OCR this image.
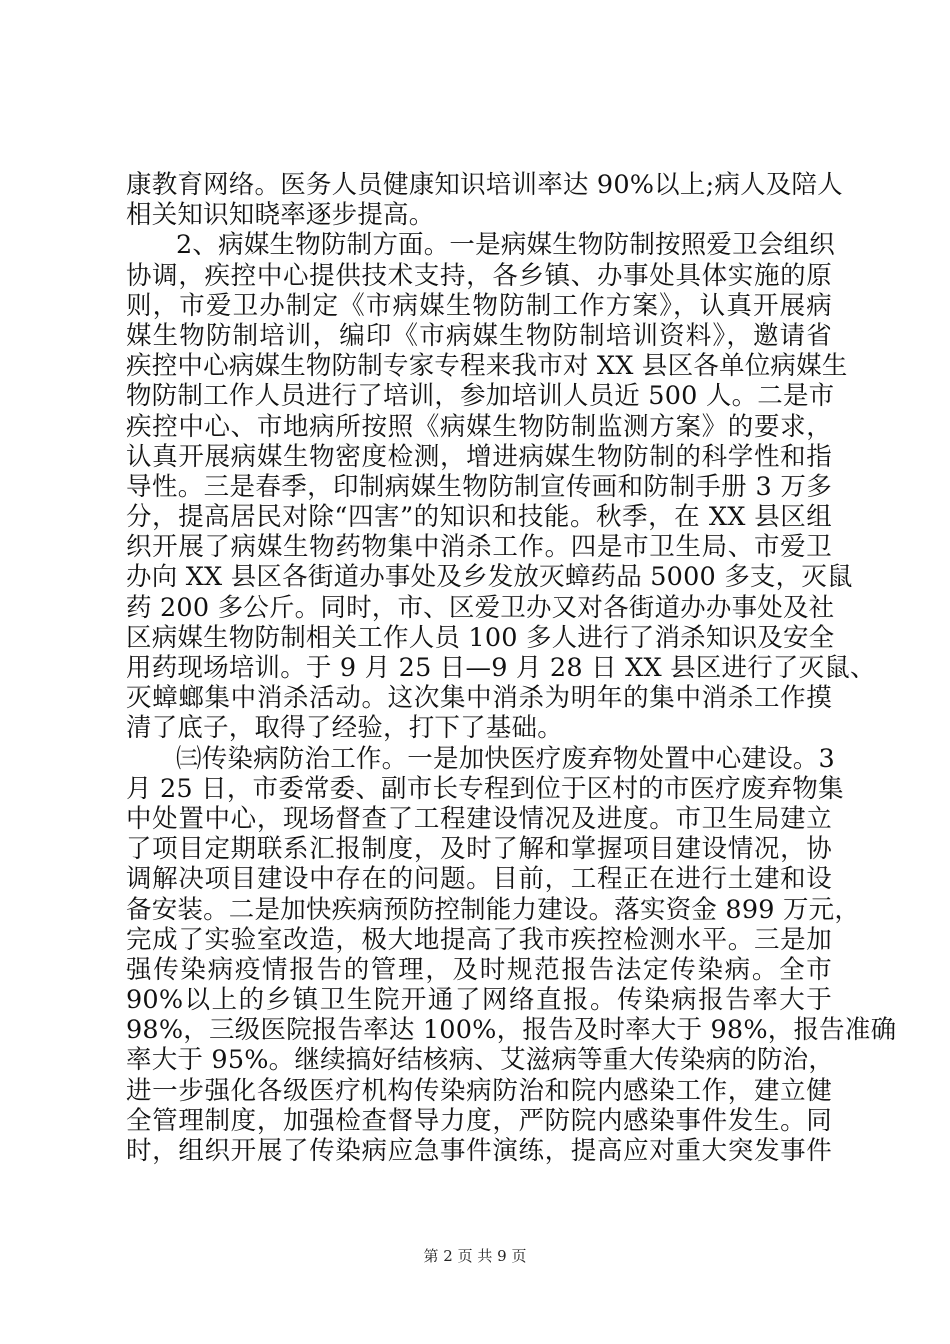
康教育网络。医务人员健康知识培训率达 90%以上;病人及陪人
相关知识知晓率逐步提高。
2、病媒生物防制方面。一是病媒生物防制按照爱卫会组织
协调，疾控中心提供技术支持，各乡镇、办事处具体实施的原
则，市爱卫办制定《市病媒生物防制工作方案》，认真开展病
媒生物防制培训，编印《市病媒生物防制培训资料》，邀请省
疾控中心病媒生物防制专家专程来我市对 XX 县区各单位病媒生
物防制工作人员进行了培训，参加培训人员近 500 人。二是市
疾控中心、市地病所按照《病媒生物防制监测方案》的要求，
认真开展病媒生物密度检测，增进病媒生物防制的科学性和指
导性。三是春季，印制病媒生物防制宣传画和防制手册 3 万多
分，提高居民对除“四害”的知识和技能。秋季，在 XX 县区组
织开展了病媒生物药物集中消杀工作。四是市卫生局、市爱卫
办向 XX 县区各街道办事处及乡发放灭蟑药品 5000 多支，灭鼠
药 200 多公斤。同时，市、区爱卫办又对各街道办办事处及社
区病媒生物防制相关工作人员 100 多人进行了消杀知识及安全
用药现场培训。于 9 月 25 日—9 月 28 日 XX 县区进行了灭鼠、
灭蟑螂集中消杀活动。这次集中消杀为明年的集中消杀工作摸
清了底子，取得了经验，打下了基础。
㈢传染病防治工作。一是加快医疗废弃物处置中心建设。3
月 25 日，市委常委、副市长专程到位于区村的市医疗废弃物集
中处置中心，现场督查了工程建设情况及进度。市卫生局建立
了项目定期联系汇报制度，及时了解和掌握项目建设情况，协
调解决项目建设中存在的问题。目前，工程正在进行土建和设
备安装。二是加快疾病预防控制能力建设。落实资金 899 万元，
完成了实验室改造，极大地提高了我市疾控检测水平。三是加
强传染病疫情报告的管理，及时规范报告法定传染病。全市
90%以上的乡镇卫生院开通了网络直报。传染病报告率大于
98%，三级医院报告率达 100%，报告及时率大于 98%，报告准确
率大于 95%。继续搞好结核病、艾滋病等重大传染病的防治，
进一步强化各级医疗机构传染病防治和院内感染工作，建立健
全管理制度，加强检查督导力度，严防院内感染事件发生。同
时，组织开展了传染病应急事件演练，提高应对重大突发事件
第 2 页 共 9 页
